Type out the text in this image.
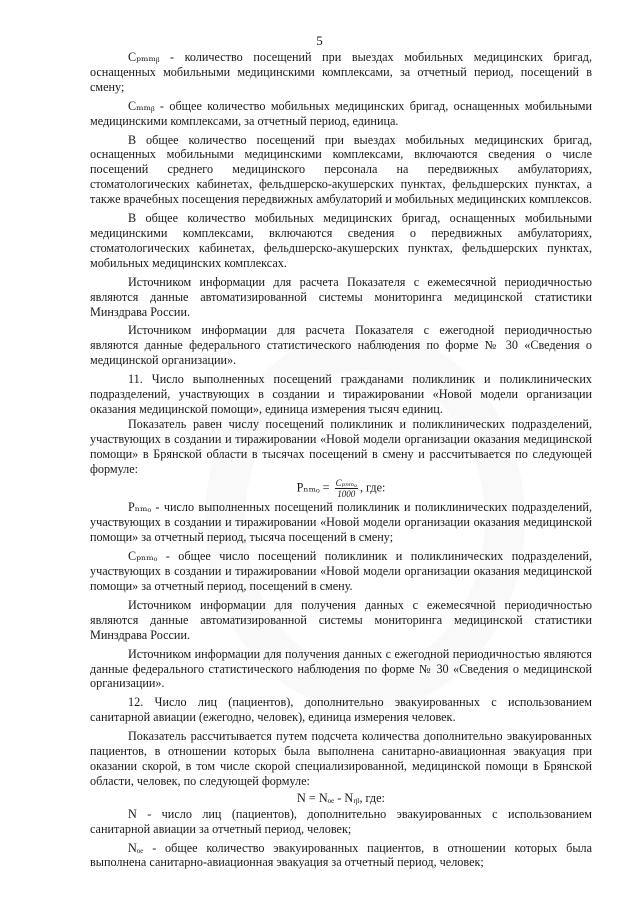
5

Cₚₘₘᵦ - количество посещений при выездах мобильных медицинских бригад, оснащенных мобильными медицинскими комплексами, за отчетный период, посещений в смену;

Cₘₘᵦ - общее количество мобильных медицинских бригад, оснащенных мобильными медицинскими комплексами, за отчетный период, единица.

В общее количество посещений при выездах мобильных медицинских бригад, оснащенных мобильными медицинскими комплексами, включаются сведения о числе посещений среднего медицинского персонала на передвижных амбулаториях, стоматологических кабинетах, фельдшерско-акушерских пунктах, фельдшерских пунктах, а также врачебных посещения передвижных амбулаторий и мобильных медицинских комплексов.

В общее количество мобильных медицинских бригад, оснащенных мобильными медицинскими комплексами, включаются сведения о передвижных амбулаториях, стоматологических кабинетах, фельдшерско-акушерских пунктах, фельдшерских пунктах, мобильных медицинских комплексах.

Источником информации для расчета Показателя с ежемесячной периодичностью являются данные автоматизированной системы мониторинга медицинской статистики Минздрава России.

Источником информации для расчета Показателя с ежегодной периодичностью являются данные федерального статистического наблюдения по форме № 30 «Сведения о медицинской организации».

11. Число выполненных посещений гражданами поликлиник и поликлинических подразделений, участвующих в создании и тиражировании «Новой модели организации оказания медицинской помощи», единица измерения тысяч единиц.

Показатель равен числу посещений поликлиник и поликлинических подразделений, участвующих в создании и тиражировании «Новой модели организации оказания медицинской помощи» в Брянской области в тысячах посещений в смену и рассчитывается по следующей формуле:

$P_{nmo} = \frac{\text{Cₚₙₘₒ}}{1000}$ , где:

Pₙₘₒ - число выполненных посещений поликлиник и поликлинических подразделений, участвующих в создании и тиражировании «Новой модели организации оказания медицинской помощи» за отчетный период, тысяча посещений в смену;

Cₚₙₘₒ - общее число посещений поликлиник и поликлинических подразделений, участвующих в создании и тиражировании «Новой модели организации оказания медицинской помощи» за отчетный период, посещений в смену.

Источником информации для получения данных с ежемесячной периодичностью являются данные автоматизированной системы мониторинга медицинской статистики Минздрава России.

Источником информации для получения данных с ежегодной периодичностью являются данные федерального статистического наблюдения по форме № 30 «Сведения о медицинской организации».

12. Число лиц (пациентов), дополнительно эвакуированных с использованием санитарной авиации (ежегодно, человек), единица измерения человек.

Показатель рассчитывается путем подсчета количества дополнительно эвакуированных пациентов, в отношении которых была выполнена санитарно-авиационная эвакуация при оказании скорой, в том числе скорой специализированной, медицинской помощи в Брянской области, человек, по следующей формуле:

N = Nₒₑ - Nᵣᵦ, где:

N - число лиц (пациентов), дополнительно эвакуированных с использованием санитарной авиации за отчетный период, человек;

Nₒₑ - общее количество эвакуированных пациентов, в отношении которых была выполнена санитарно-авиационная эвакуация за отчетный период, человек;
